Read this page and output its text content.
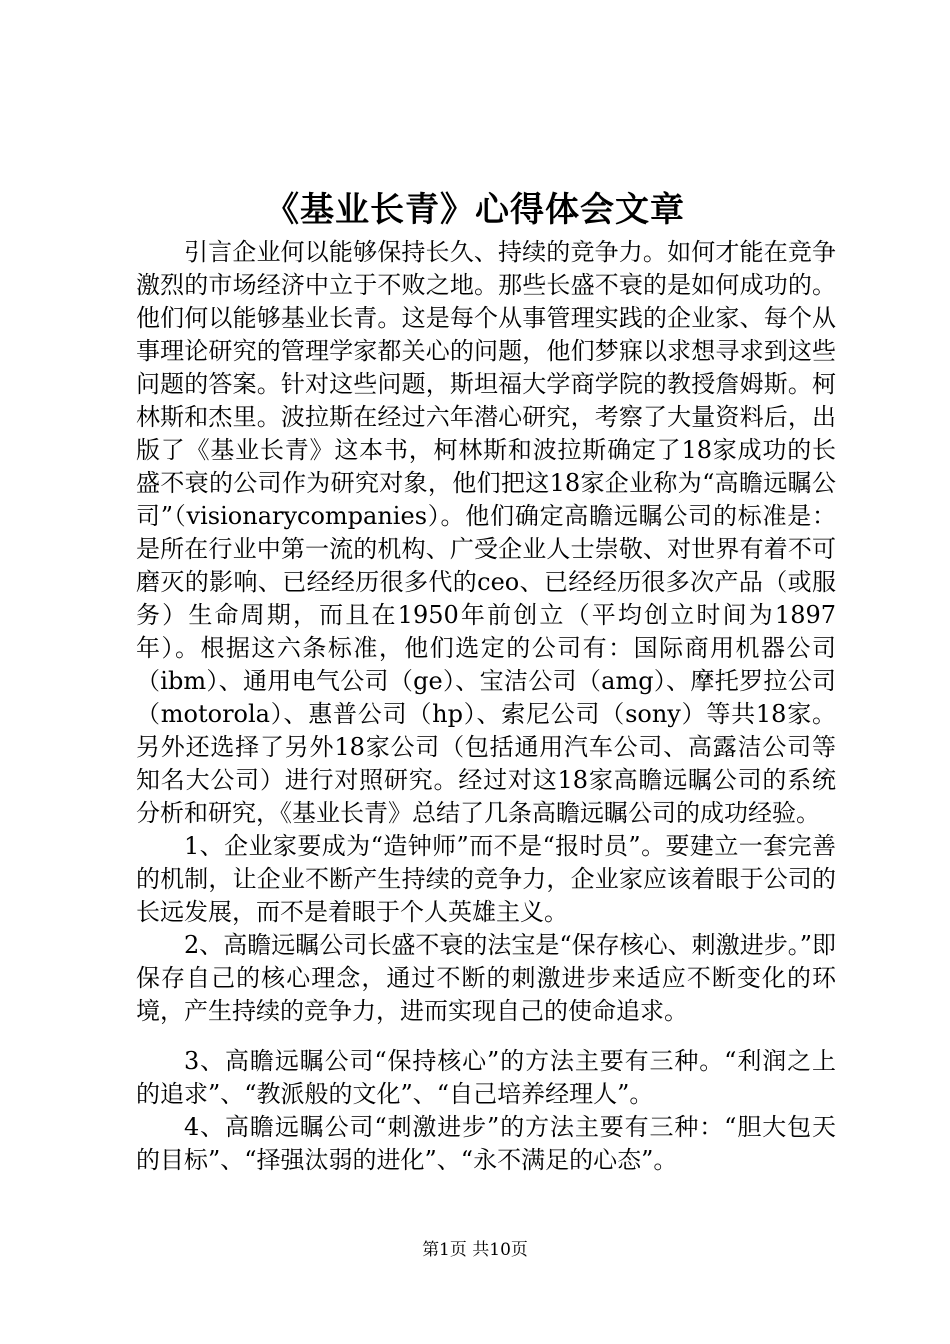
《基业长青》心得体会文章

引言企业何以能够保持长久、持续的竞争力。如何才能在竞争激烈的市场经济中立于不败之地。那些长盛不衰的是如何成功的。他们何以能够基业长青。这是每个从事管理实践的企业家、每个从事理论研究的管理学家都关心的问题，他们梦寐以求想寻求到这些问题的答案。针对这些问题，斯坦福大学商学院的教授詹姆斯。柯林斯和杰里。波拉斯在经过六年潜心研究，考察了大量资料后，出版了《基业长青》这本书，柯林斯和波拉斯确定了18家成功的长盛不衰的公司作为研究对象，他们把这18家企业称为“高瞻远瞩公司”（visionarycompanies）。他们确定高瞻远瞩公司的标准是：是所在行业中第一流的机构、广受企业人士崇敬、对世界有着不可磨灭的影响、已经经历很多代的ceo、已经经历很多次产品（或服务）生命周期，而且在1950年前创立（平均创立时间为1897年）。根据这六条标准，他们选定的公司有：国际商用机器公司（ibm）、通用电气公司（ge）、宝洁公司（amg）、摩托罗拉公司（motorola）、惠普公司（hp）、索尼公司（sony）等共18家。另外还选择了另外18家公司（包括通用汽车公司、高露洁公司等知名大公司）进行对照研究。经过对这18家高瞻远瞩公司的系统分析和研究，《基业长青》总结了几条高瞻远瞩公司的成功经验。

1、企业家要成为“造钟师”而不是“报时员”。要建立一套完善的机制，让企业不断产生持续的竞争力，企业家应该着眼于公司的长远发展，而不是着眼于个人英雄主义。

2、高瞻远瞩公司长盛不衰的法宝是“保存核心、刺激进步。”即保存自己的核心理念，通过不断的刺激进步来适应不断变化的环境，产生持续的竞争力，进而实现自己的使命追求。

3、高瞻远瞩公司“保持核心”的方法主要有三种。“利润之上的追求”、“教派般的文化”、“自己培养经理人”。

4、高瞻远瞩公司“刺激进步”的方法主要有三种：“胆大包天的目标”、“择强汰弱的进化”、“永不满足的心态”。

第1页 共10页
